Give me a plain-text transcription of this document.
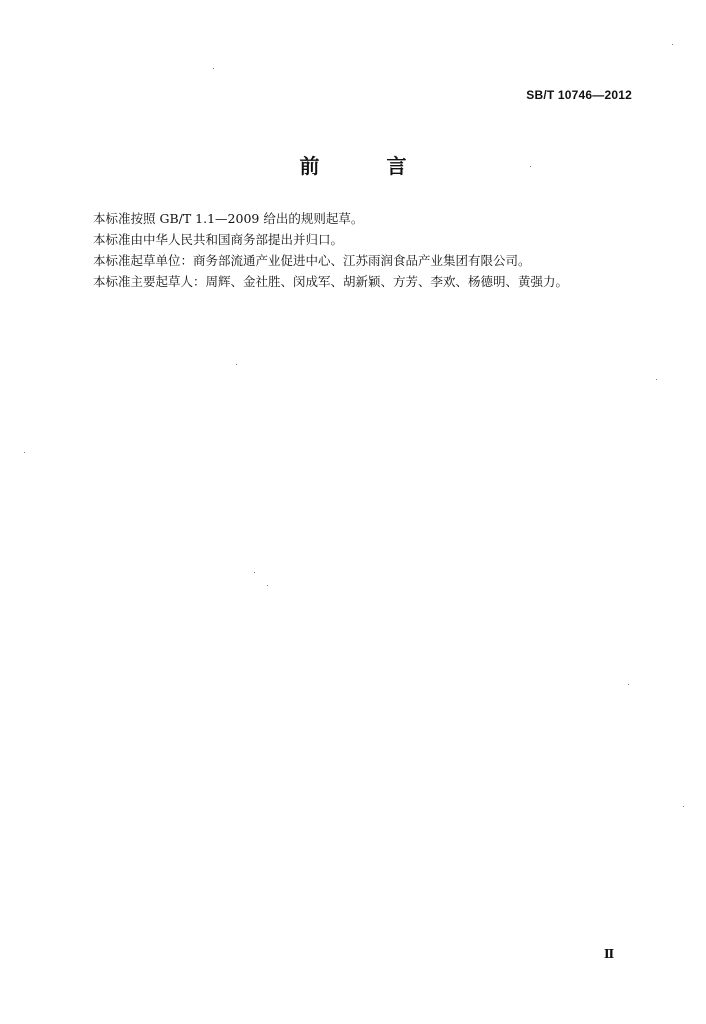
SB/T 10746—2012
前 言
本标准按照 GB/T 1.1—2009 给出的规则起草。
本标准由中华人民共和国商务部提出并归口。
本标准起草单位：商务部流通产业促进中心、江苏雨润食品产业集团有限公司。
本标准主要起草人：周辉、金社胜、闵成军、胡新颖、方芳、李欢、杨德明、黄强力。
Ⅱ
